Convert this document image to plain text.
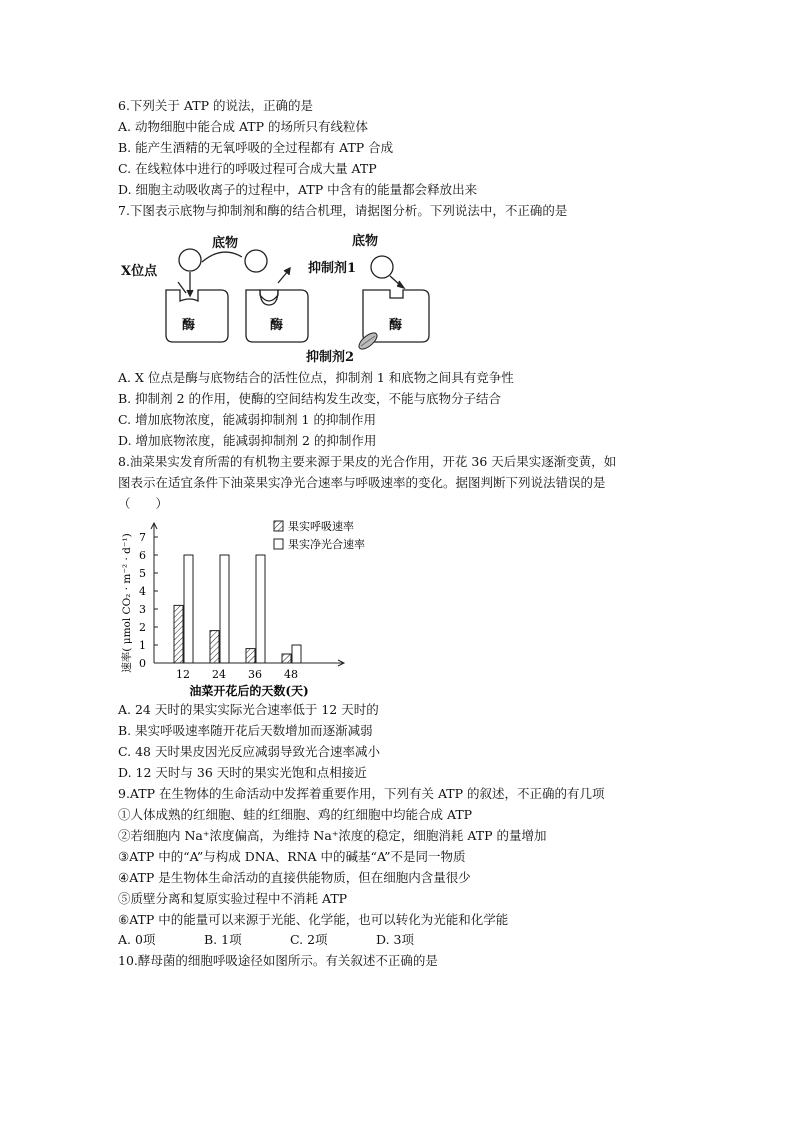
6.下列关于 ATP 的说法，正确的是
A. 动物细胞中能合成 ATP 的场所只有线粒体
B. 能产生酒精的无氧呼吸的全过程都有 ATP 合成
C. 在线粒体中进行的呼吸过程可合成大量 ATP
D. 细胞主动吸收离子的过程中，ATP 中含有的能量都会释放出来
7.下图表示底物与抑制剂和酶的结合机理，请据图分析。下列说法中，不正确的是
X位点
底物
抑制剂1
底物
抑制剂2
酶	酶	酶
A. X 位点是酶与底物结合的活性位点，抑制剂 1 和底物之间具有竞争性
B. 抑制剂 2 的作用，使酶的空间结构发生改变，不能与底物分子结合
C. 增加底物浓度，能减弱抑制剂 1 的抑制作用
D. 增加底物浓度，能减弱抑制剂 2 的抑制作用
8.油菜果实发育所需的有机物主要来源于果皮的光合作用，开花 36 天后果实逐渐变黄，如
图表示在适宜条件下油菜果实净光合速率与呼吸速率的变化。据图判断下列说法错误的是
（　　）
0
1
2
3
4
5
6
7
速率( μmol CO₂ · m⁻² · d⁻¹)
12 24 36 48
油菜开花后的天数(天)
果实呼吸速率
果实净光合速率
A. 24 天时的果实实际光合速率低于 12 天时的
B. 果实呼吸速率随开花后天数增加而逐渐减弱
C. 48 天时果皮因光反应减弱导致光合速率减小
D. 12 天时与 36 天时的果实光饱和点相接近
9.ATP 在生物体的生命活动中发挥着重要作用，下列有关 ATP 的叙述，不正确的有几项
①人体成熟的红细胞、蛙的红细胞、鸡的红细胞中均能合成 ATP
②若细胞内 Na⁺浓度偏高，为维持 Na⁺浓度的稳定，细胞消耗 ATP 的量增加
③ATP 中的“A”与构成 DNA、RNA 中的碱基“A”不是同一物质
④ATP 是生物体生命活动的直接供能物质，但在细胞内含量很少
⑤质壁分离和复原实验过程中不消耗 ATP
⑥ATP 中的能量可以来源于光能、化学能，也可以转化为光能和化学能
A. 0项	B. 1项	C. 2项	D. 3项
10.酵母菌的细胞呼吸途径如图所示。有关叙述不正确的是
